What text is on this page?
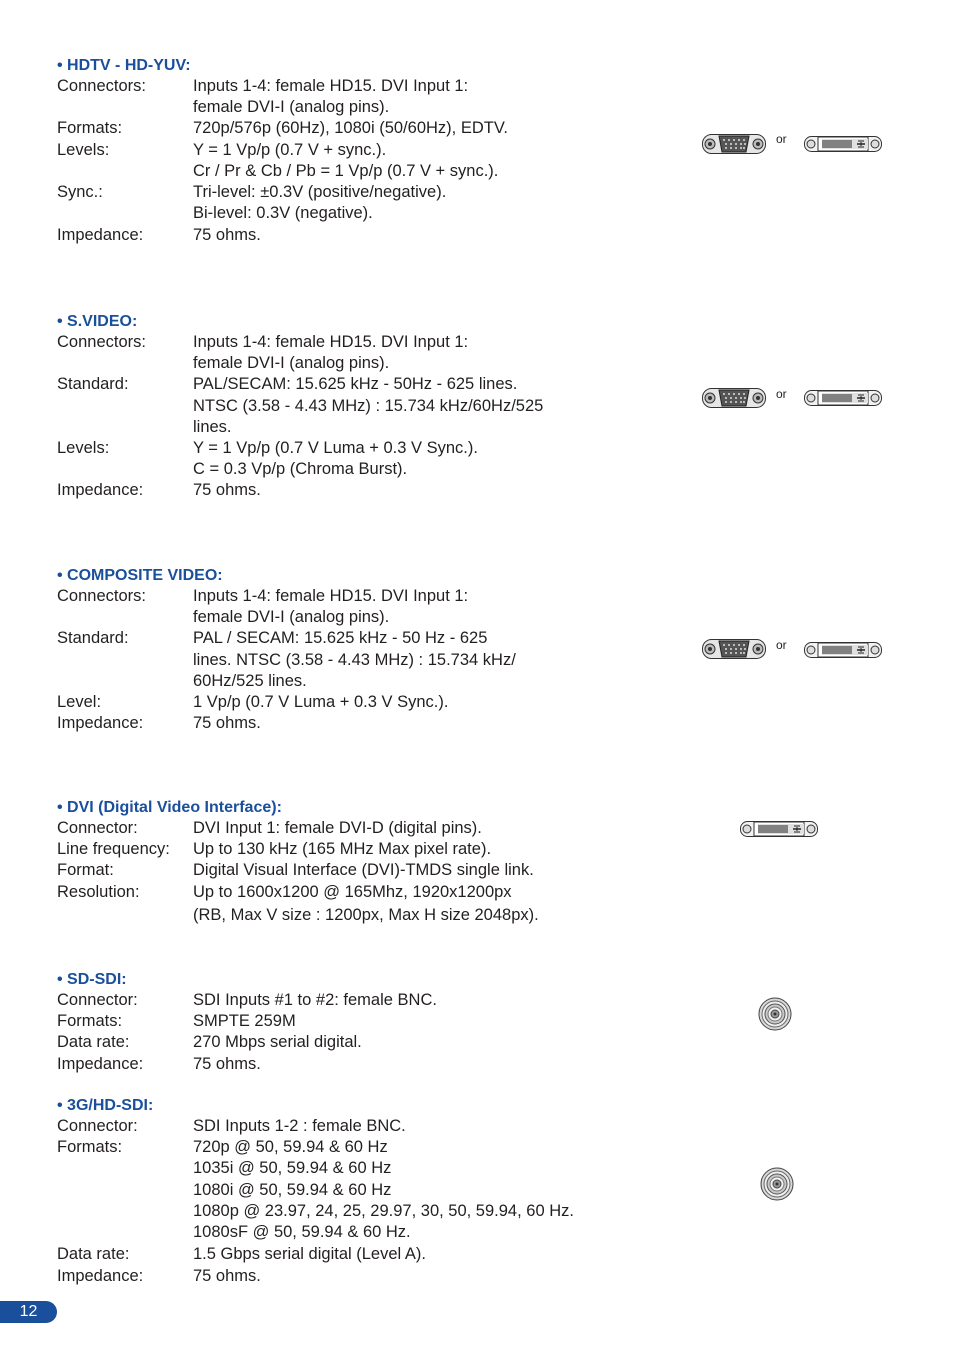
• HDTV - HD-YUV:
Connectors:	Inputs 1-4: female HD15. DVI Input 1:
female DVI-I (analog pins).
Formats:	720p/576p (60Hz), 1080i (50/60Hz), EDTV.
Levels:	Y = 1 Vp/p (0.7 V + sync.).
Cr / Pr & Cb / Pb = 1 Vp/p (0.7 V + sync.).
Sync.:	Tri-level: ±0.3V (positive/negative).
Bi-level: 0.3V (negative).
Impedance:	75 ohms.
or
• S.VIDEO:
Connectors:	Inputs 1-4: female HD15. DVI Input 1:
female DVI-I (analog pins).
Standard:	PAL/SECAM: 15.625 kHz - 50Hz - 625 lines.
NTSC (3.58 - 4.43 MHz) : 15.734 kHz/60Hz/525
lines.
Levels:	Y = 1 Vp/p (0.7 V Luma + 0.3 V Sync.).
C = 0.3 Vp/p (Chroma Burst).
Impedance:	75 ohms.
or
• COMPOSITE VIDEO:
Connectors:	Inputs 1-4: female HD15. DVI Input 1:
female DVI-I (analog pins).
Standard:	PAL / SECAM: 15.625 kHz - 50 Hz - 625
lines. NTSC (3.58 - 4.43 MHz) : 15.734 kHz/
60Hz/525 lines.
Level:	1 Vp/p (0.7 V Luma + 0.3 V Sync.).
Impedance:	75 ohms.
or
• DVI (Digital Video Interface):
Connector:	DVI Input 1: female DVI-D (digital pins).
Line frequency:	Up to 130 kHz (165 MHz Max pixel rate).
Format:	Digital Visual Interface (DVI)-TMDS single link.
Resolution:	Up to 1600x1200 @ 165Mhz, 1920x1200px
(RB, Max V size : 1200px, Max H size 2048px).
• SD-SDI:
Connector:	SDI Inputs #1 to #2: female BNC.
Formats:	SMPTE 259M
Data rate:	270 Mbps serial digital.
Impedance:	75 ohms.
• 3G/HD-SDI:
Connector:	SDI Inputs 1-2 : female BNC.
Formats:	720p @ 50, 59.94 & 60 Hz
1035i @ 50, 59.94 & 60 Hz
1080i @ 50, 59.94 & 60 Hz
1080p @ 23.97, 24, 25, 29.97, 30, 50, 59.94, 60 Hz.
1080sF @ 50, 59.94 & 60 Hz.
Data rate:	1.5 Gbps serial digital (Level A).
Impedance:	75 ohms.
12
